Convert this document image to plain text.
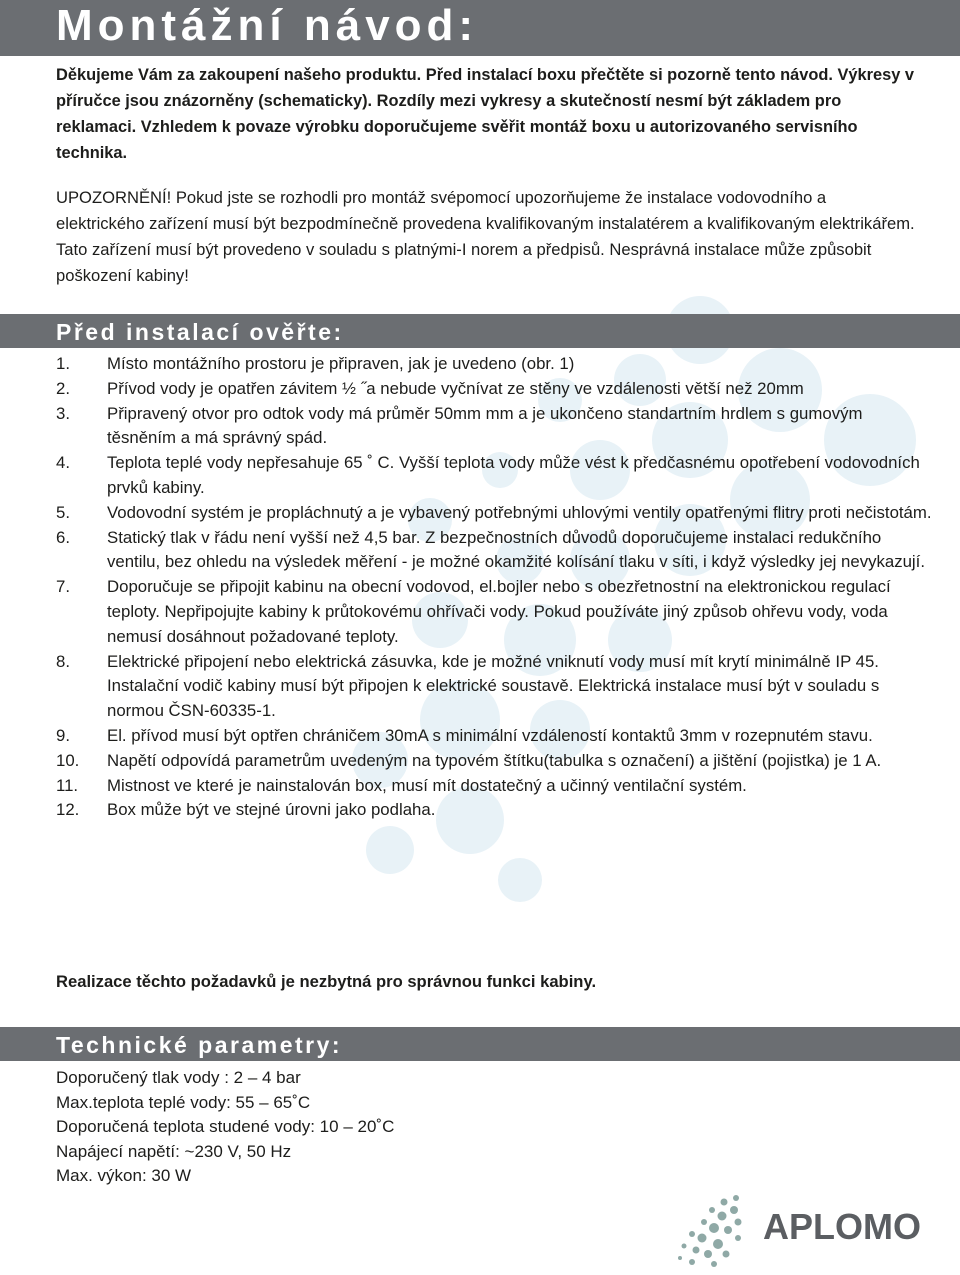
Montážní návod:

Děkujeme Vám za zakoupení našeho produktu. Před instalací boxu přečtěte si pozorně tento návod. Výkresy v příručce jsou znázorněny (schematicky). Rozdíly mezi vykresy a skutečností nesmí být základem pro reklamaci. Vzhledem k povaze výrobku doporučujeme svěřit montáž boxu u autorizovaného servisního technika.

UPOZORNĚNÍ! Pokud jste se rozhodli pro montáž svépomocí upozorňujeme že instalace vodovodního a elektrického zařízení musí být bezpodmínečně provedena kvalifikovaným instalatérem a kvalifikovaným elektrikářem. Tato zařízení musí být provedeno v souladu s platnými-I norem a předpisů. Nesprávná instalace může způsobit poškození kabiny!

Před instalací ověřte:
1. Místo montážního prostoru je připraven, jak je uvedeno (obr. 1)
2. Přívod vody je opatřen závitem ½ ˝a nebude vyčnívat ze stěny ve vzdálenosti větší než 20mm
3. Připravený otvor pro odtok vody má průměr 50mm mm a je ukončeno standartním hrdlem s gumovým těsněním a má správný spád.
4. Teplota teplé vody nepřesahuje 65 ˚ C. Vyšší teplota vody může vést k předčasnému opotřebení vodovodních prvků kabiny.
5. Vodovodní systém je propláchnutý a je vybavený potřebnými uhlovými ventily opatřenými flitry proti nečistotám.
6. Statický tlak v řádu není vyšší než 4,5 bar. Z bezpečnostních důvodů doporučujeme instalaci redukčního ventilu, bez ohledu na výsledek měření - je možné okamžité kolísání tlaku v síti, i když výsledky jej nevykazují.
7. Doporučuje se připojit kabinu na obecní vodovod, el.bojler nebo s obezřetnostní na elektronickou regulací teploty. Nepřipojujte kabiny k průtokovému ohřívači vody. Pokud používáte jiný způsob ohřevu vody, voda nemusí dosáhnout požadované teploty.
8. Elektrické připojení nebo elektrická zásuvka, kde je možné vniknutí vody musí mít krytí minimálně IP 45. Instalační vodič kabiny musí být připojen k elektrické soustavě. Elektrická instalace musí být v souladu s normou ČSN-60335-1.
9. El. přívod musí být optřen chráničem 30mA s minimální vzdáleností kontaktů 3mm v rozepnutém stavu.
10. Napětí odpovídá parametrům uvedeným na typovém štítku(tabulka s označení) a jištění (pojistka) je 1 A.
11. Mistnost ve které je nainstalován box, musí mít dostatečný a učinný ventilační systém.
12. Box může být ve stejné úrovni jako podlaha.

Realizace těchto požadavků je nezbytná pro správnou funkci kabiny.

Technické parametry:
Doporučený tlak vody : 2 – 4 bar
Max.teplota teplé vody: 55 – 65˚C
Doporučená teplota studené vody: 10 – 20˚C
Napájecí napětí: ~230 V, 50 Hz
Max. výkon: 30 W
APLOMO
